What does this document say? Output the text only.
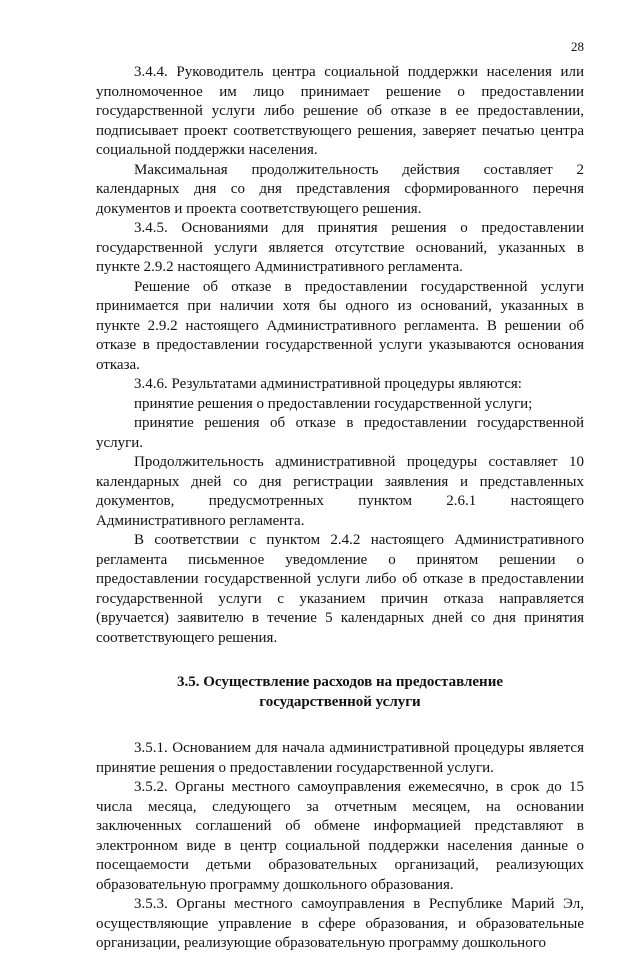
28

3.4.4. Руководитель центра социальной поддержки населения или уполномоченное им лицо принимает решение о предоставлении государственной услуги либо решение об отказе в ее предоставлении, подписывает проект соответствующего решения, заверяет печатью центра социальной поддержки населения.

Максимальная продолжительность действия составляет 2 календарных дня со дня представления сформированного перечня документов и проекта соответствующего решения.

3.4.5. Основаниями для принятия решения о предоставлении государственной услуги является отсутствие оснований, указанных в пункте 2.9.2 настоящего Административного регламента.

Решение об отказе в предоставлении государственной услуги принимается при наличии хотя бы одного из оснований, указанных в пункте 2.9.2 настоящего Административного регламента. В решении об отказе в предоставлении государственной услуги указываются основания отказа.

3.4.6. Результатами административной процедуры являются:

принятие решения о предоставлении государственной услуги;

принятие решения об отказе в предоставлении государственной услуги.

Продолжительность административной процедуры составляет 10 календарных дней со дня регистрации заявления и представленных документов, предусмотренных пунктом 2.6.1 настоящего Административного регламента.

В соответствии с пунктом 2.4.2 настоящего Административного регламента письменное уведомление о принятом решении о предоставлении государственной услуги либо об отказе в предоставлении государственной услуги с указанием причин отказа направляется (вручается) заявителю в течение 5 календарных дней со дня принятия соответствующего решения.

3.5. Осуществление расходов на предоставление
государственной услуги

3.5.1. Основанием для начала административной процедуры является принятие решения о предоставлении государственной услуги.

3.5.2. Органы местного самоуправления ежемесячно, в срок до 15 числа месяца, следующего за отчетным месяцем, на основании заключенных соглашений об обмене информацией представляют в электронном виде в центр социальной поддержки населения данные о посещаемости детьми образовательных организаций, реализующих образовательную программу дошкольного образования.

3.5.3. Органы местного самоуправления в Республике Марий Эл, осуществляющие управление в сфере образования, и образовательные организации, реализующие образовательную программу дошкольного
